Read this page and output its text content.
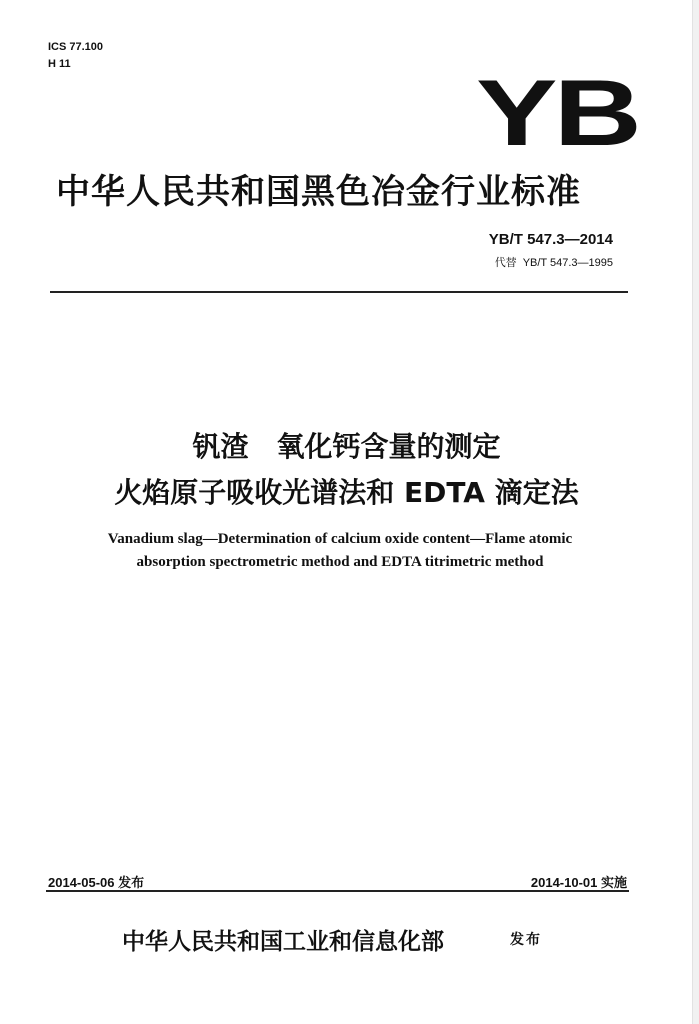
ICS 77.100
H 11	YB
中华人民共和国黑色冶金行业标准
YB/T 547.3—2014
代替 YB/T 547.3—1995
钒渣　氧化钙含量的测定
火焰原子吸收光谱法和 EDTA 滴定法
Vanadium slag—Determination of calcium oxide content—Flame atomic
absorption spectrometric method and EDTA titrimetric method
2014-05-06 发布	2014-10-01 实施
中华人民共和国工业和信息化部	发布
